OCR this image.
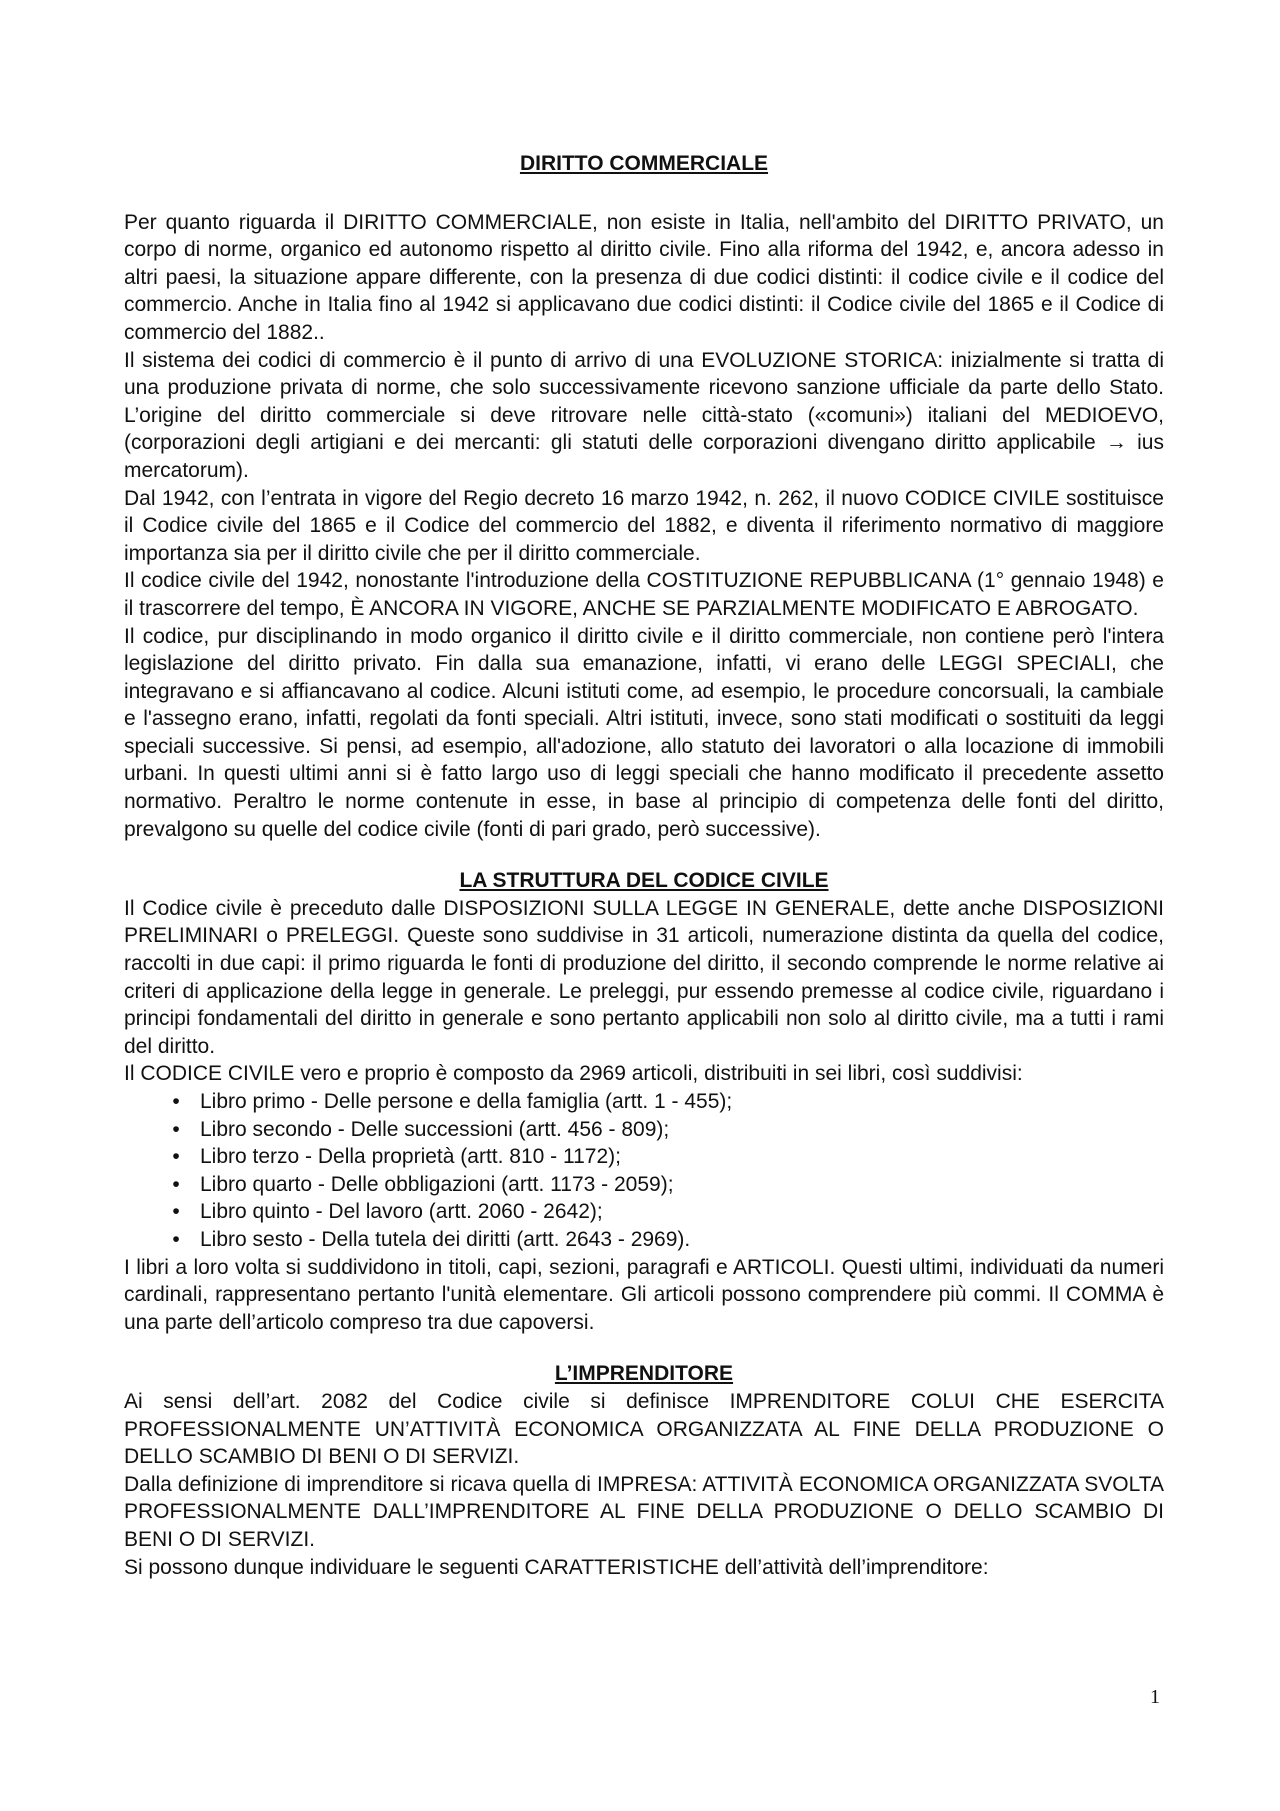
DIRITTO COMMERCIALE

Per quanto riguarda il DIRITTO COMMERCIALE, non esiste in Italia, nell'ambito del DIRITTO PRIVATO, un corpo di norme, organico ed autonomo rispetto al diritto civile. Fino alla riforma del 1942, e, ancora adesso in altri paesi, la situazione appare differente, con la presenza di due codici distinti: il codice civile e il codice del commercio. Anche in Italia fino al 1942 si applicavano due codici distinti: il Codice civile del 1865 e il Codice di commercio del 1882..

Il sistema dei codici di commercio è il punto di arrivo di una EVOLUZIONE STORICA: inizialmente si tratta di una produzione privata di norme, che solo successivamente ricevono sanzione ufficiale da parte dello Stato. L’origine del diritto commerciale si deve ritrovare nelle città-stato («comuni») italiani del MEDIOEVO, (corporazioni degli artigiani e dei mercanti: gli statuti delle corporazioni divengano diritto applicabile → ius mercatorum).

Dal 1942, con l’entrata in vigore del Regio decreto 16 marzo 1942, n. 262, il nuovo CODICE CIVILE sostituisce il Codice civile del 1865 e il Codice del commercio del 1882, e diventa il riferimento normativo di maggiore importanza sia per il diritto civile che per il diritto commerciale.

Il codice civile del 1942, nonostante l'introduzione della COSTITUZIONE REPUBBLICANA (1° gennaio 1948) e il trascorrere del tempo, È ANCORA IN VIGORE, ANCHE SE PARZIALMENTE MODIFICATO E ABROGATO.

Il codice, pur disciplinando in modo organico il diritto civile e il diritto commerciale, non contiene però l'intera legislazione del diritto privato. Fin dalla sua emanazione, infatti, vi erano delle LEGGI SPECIALI, che integravano e si affiancavano al codice. Alcuni istituti come, ad esempio, le procedure concorsuali, la cambiale e l'assegno erano, infatti, regolati da fonti speciali. Altri istituti, invece, sono stati modificati o sostituiti da leggi speciali successive. Si pensi, ad esempio, all'adozione, allo statuto dei lavoratori o alla locazione di immobili urbani. In questi ultimi anni si è fatto largo uso di leggi speciali che hanno modificato il precedente assetto normativo. Peraltro le norme contenute in esse, in base al principio di competenza delle fonti del diritto, prevalgono su quelle del codice civile (fonti di pari grado, però successive).

LA STRUTTURA DEL CODICE CIVILE

Il Codice civile è preceduto dalle DISPOSIZIONI SULLA LEGGE IN GENERALE, dette anche DISPOSIZIONI PRELIMINARI o PRELEGGI. Queste sono suddivise in 31 articoli, numerazione distinta da quella del codice, raccolti in due capi: il primo riguarda le fonti di produzione del diritto, il secondo comprende le norme relative ai criteri di applicazione della legge in generale. Le preleggi, pur essendo premesse al codice civile, riguardano i principi fondamentali del diritto in generale e sono pertanto applicabili non solo al diritto civile, ma a tutti i rami del diritto.

Il CODICE CIVILE vero e proprio è composto da 2969 articoli, distribuiti in sei libri, così suddivisi:

• Libro primo - Delle persone e della famiglia (artt. 1 - 455);
• Libro secondo - Delle successioni (artt. 456 - 809);
• Libro terzo - Della proprietà (artt. 810 - 1172);
• Libro quarto - Delle obbligazioni (artt. 1173 - 2059);
• Libro quinto - Del lavoro (artt. 2060 - 2642);
• Libro sesto - Della tutela dei diritti (artt. 2643 - 2969).

I libri a loro volta si suddividono in titoli, capi, sezioni, paragrafi e ARTICOLI. Questi ultimi, individuati da numeri cardinali, rappresentano pertanto l'unità elementare. Gli articoli possono comprendere più commi. Il COMMA è una parte dell’articolo compreso tra due capoversi.

L’IMPRENDITORE

Ai sensi dell’art. 2082 del Codice civile si definisce IMPRENDITORE COLUI CHE ESERCITA PROFESSIONALMENTE UN’ATTIVITÀ ECONOMICA ORGANIZZATA AL FINE DELLA PRODUZIONE O DELLO SCAMBIO DI BENI O DI SERVIZI.

Dalla definizione di imprenditore si ricava quella di IMPRESA: ATTIVITÀ ECONOMICA ORGANIZZATA SVOLTA PROFESSIONALMENTE DALL’IMPRENDITORE AL FINE DELLA PRODUZIONE O DELLO SCAMBIO DI BENI O DI SERVIZI.

Si possono dunque individuare le seguenti CARATTERISTICHE dell’attività dell’imprenditore:

1
